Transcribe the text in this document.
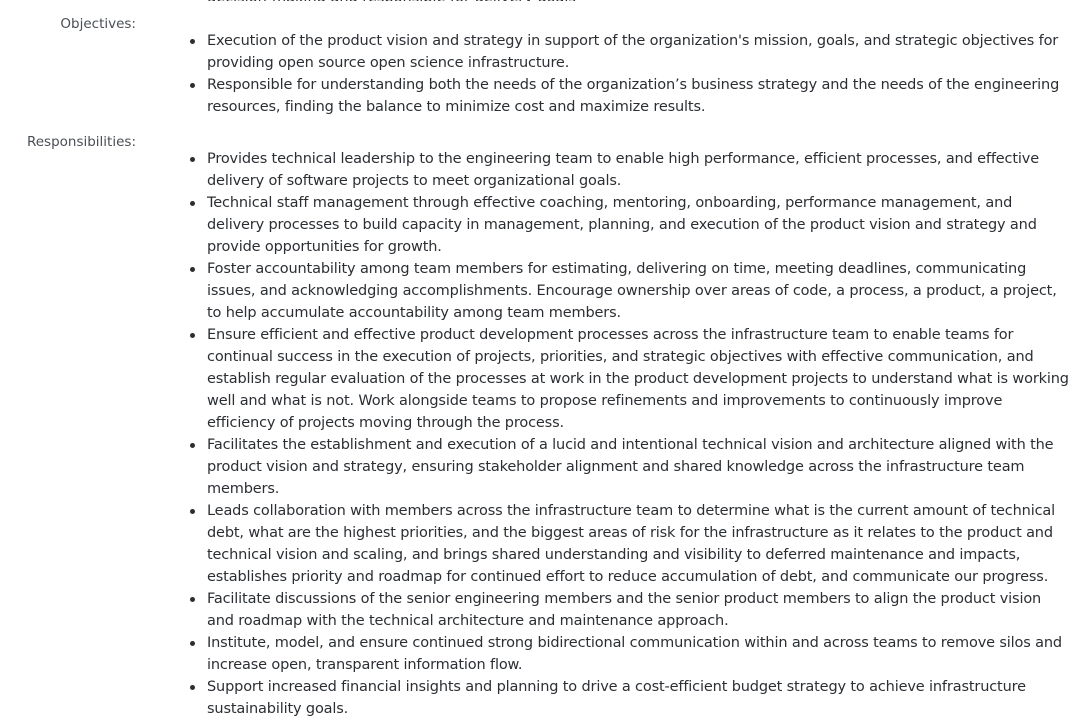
Objectives:
Execution of the product vision and strategy in support of the organization's mission, goals, and strategic objectives for providing open source open science infrastructure.
Responsible for understanding both the needs of the organization’s business strategy and the needs of the engineering resources, finding the balance to minimize cost and maximize results.
Responsibilities:
Provides technical leadership to the engineering team to enable high performance, efficient processes, and effective delivery of software projects to meet organizational goals.
Technical staff management through effective coaching, mentoring, onboarding, performance management, and delivery processes to build capacity in management, planning, and execution of the product vision and strategy and provide opportunities for growth.
Foster accountability among team members for estimating, delivering on time, meeting deadlines, communicating issues, and acknowledging accomplishments. Encourage ownership over areas of code, a process, a product, a project, to help accumulate accountability among team members.
Ensure efficient and effective product development processes across the infrastructure team to enable teams for continual success in the execution of projects, priorities, and strategic objectives with effective communication, and establish regular evaluation of the processes at work in the product development projects to understand what is working well and what is not. Work alongside teams to propose refinements and improvements to continuously improve efficiency of projects moving through the process.
Facilitates the establishment and execution of a lucid and intentional technical vision and architecture aligned with the product vision and strategy, ensuring stakeholder alignment and shared knowledge across the infrastructure team members.
Leads collaboration with members across the infrastructure team to determine what is the current amount of technical debt, what are the highest priorities, and the biggest areas of risk for the infrastructure as it relates to the product and technical vision and scaling, and brings shared understanding and visibility to deferred maintenance and impacts, establishes priority and roadmap for continued effort to reduce accumulation of debt, and communicate our progress.
Facilitate discussions of the senior engineering members and the senior product members to align the product vision and roadmap with the technical architecture and maintenance approach.
Institute, model, and ensure continued strong bidirectional communication within and across teams to remove silos and increase open, transparent information flow.
Support increased financial insights and planning to drive a cost-efficient budget strategy to achieve infrastructure sustainability goals.
